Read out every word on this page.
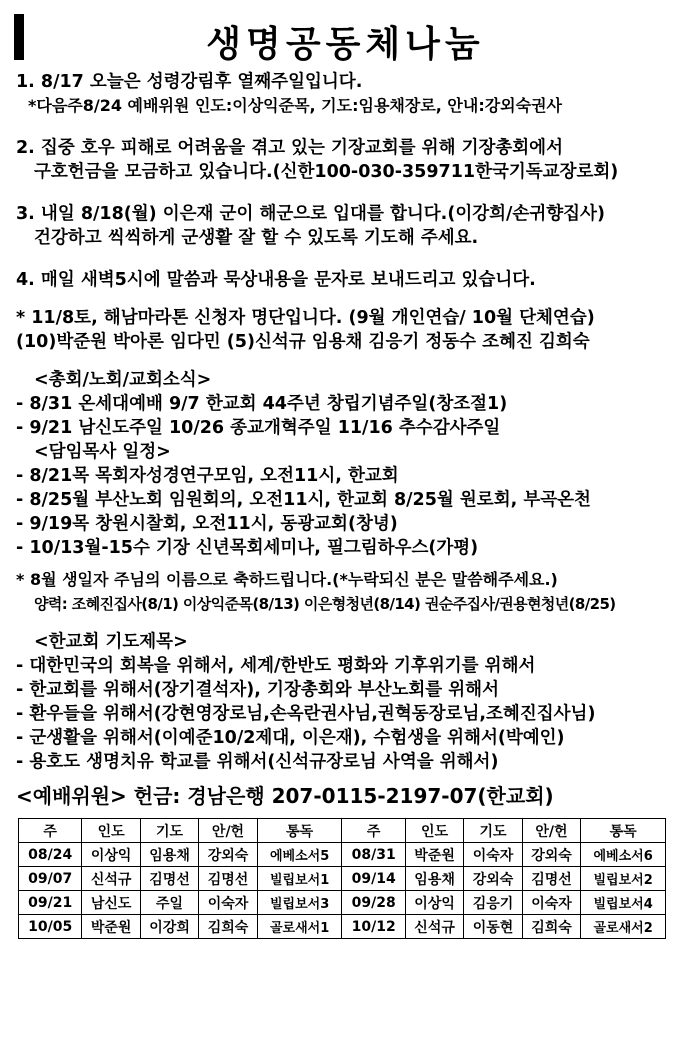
생명공동체나눔
1. 8/17 오늘은 성령강림후 열째주일입니다.
*다음주8/24 예배위원 인도:이상익준목, 기도:임용채장로, 안내:강외숙권사
2. 집중 호우 피해로 어려움을 겪고 있는 기장교회를 위해 기장총회에서
구호헌금을 모금하고 있습니다.(신한100-030-359711한국기독교장로회)
3. 내일 8/18(월) 이은재 군이 해군으로 입대를 합니다.(이강희/손귀향집사)
건강하고 씩씩하게 군생활 잘 할 수 있도록 기도해 주세요.
4. 매일 새벽5시에 말씀과 묵상내용을 문자로 보내드리고 있습니다.
* 11/8토, 해남마라톤 신청자 명단입니다. (9월 개인연습/ 10월 단체연습)
(10)박준원 박아론 임다민 (5)신석규 임용채 김응기 정동수 조혜진 김희숙
<총회/노회/교회소식>
- 8/31 온세대예배 9/7 한교회 44주년 창립기념주일(창조절1)
- 9/21 남신도주일 10/26 종교개혁주일 11/16 추수감사주일
<담임목사 일정>
- 8/21목 목회자성경연구모임, 오전11시, 한교회
- 8/25월 부산노회 임원회의, 오전11시, 한교회 8/25월 원로회, 부곡온천
- 9/19목 창원시찰회, 오전11시, 동광교회(창녕)
- 10/13월-15수 기장 신년목회세미나, 필그림하우스(가평)
* 8월 생일자 주님의 이름으로 축하드립니다.(*누락되신 분은 말씀해주세요.)
양력: 조혜진집사(8/1) 이상익준목(8/13) 이은형청년(8/14) 권순주집사/권용현청년(8/25)
<한교회 기도제목>
- 대한민국의 회복을 위해서, 세계/한반도 평화와 기후위기를 위해서
- 한교회를 위해서(장기결석자), 기장총회와 부산노회를 위해서
- 환우들을 위해서(강현영장로님,손옥란권사님,권혁동장로님,조혜진집사님)
- 군생활을 위해서(이예준10/2제대, 이은재), 수험생을 위해서(박예인)
- 용호도 생명치유 학교를 위해서(신석규장로님 사역을 위해서)
<예배위원> 헌금: 경남은행 207-0115-2197-07(한교회)
주	인도	기도	안/헌	통독	주	인도	기도	안/헌	통독
08/24	이상익	임용채	강외숙	에베소서5	08/31	박준원	이숙자	강외숙	에베소서6
09/07	신석규	김명선	김명선	빌립보서1	09/14	임용채	강외숙	김명선	빌립보서2
09/21	남신도	주일	이숙자	빌립보서3	09/28	이상익	김응기	이숙자	빌립보서4
10/05	박준원	이강희	김희숙	골로새서1	10/12	신석규	이동현	김희숙	골로새서2
